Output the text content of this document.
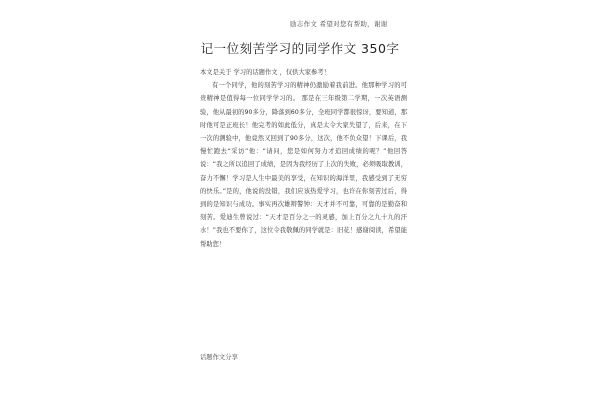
励志作文 希望对您有帮助，谢谢
记一位刻苦学习的同学作文 350字

本文是关于 学习的话题作文 ，仅供大家参考！

有一个同学，他的刻苦学习的精神仍激励着我前进。他那种学习的可贵精神是值得每一位同学学习的。 那是在三年级第二学期，一次英语测验，他从最初的90多分，降落到60多分，全班同学都很惊讶，要知道，那时他可是正班长！他完考的如此低分，真是太令大家失望了，后来，在下一次的测验中，他竟然又回到了90多分，这次，他不负众望！下课后，我慢忙跑去“采访”他：“请问，您是如何努力才追回成绩的呢？”他回答说：“我之所以追回了成绩，是因为我经历了上次的失败，必须吸取教训，奋力不懈！学习是人生中最美的享受，在知识的海洋里，我感受到了无穷的快乐。”是的，他说的没错，我们应该热爱学习，也许在你刻苦过后，得到的是知识与成功。事实再次雄辩警钟：天才并不可靠，可靠的是勤奋和刻苦。爱迪生曾说过：“天才是百分之一的灵感，加上百分之九十九的汗水！”我也不要你了，这位令我敬佩的同学就是：旧花！感谢阅读，希望能帮助您！

话题作文分享
